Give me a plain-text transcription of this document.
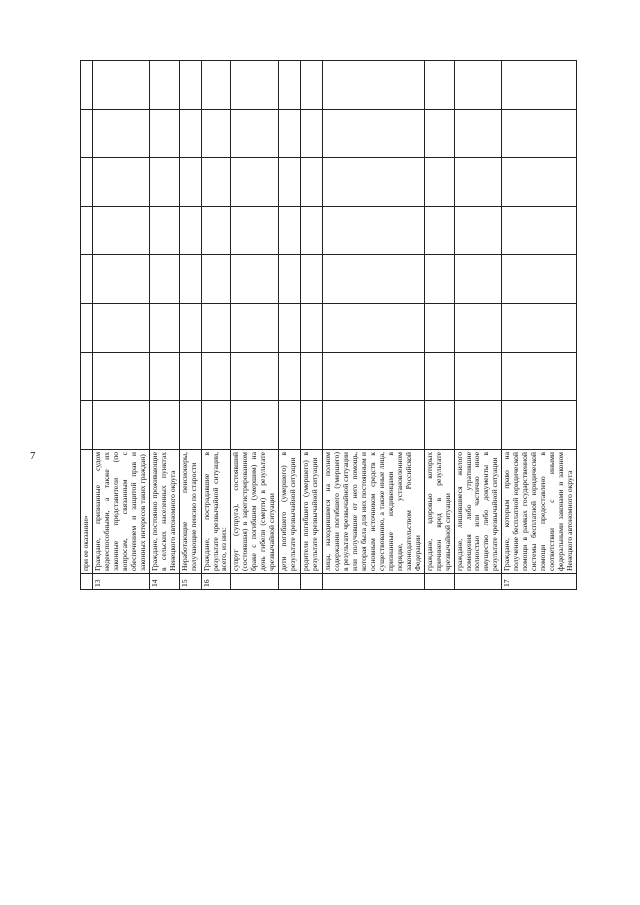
7
	при ее оказании»								
13	Граждане, признанные судом недееспособными, а также их законные представители (по вопросам, связанным с обеспечением и защитой прав и законных интересов таких граждан)								
14	Граждане, постоянно проживающие в сельских населенных пунктах Ненецкого автономного округа								
15	Неработающие пенсионеры, получающие пенсию по старости								
16	Граждане, пострадавшие в результате чрезвычайной ситуации, всего, из них:								
	супруг (супруга), состоявший (состоявшая) в зарегистрированном браке с погибшим (умершим) на день гибели (смерти) в результате чрезвычайной ситуации								
	дети погибшего (умершего) в результате чрезвычайной ситуации								
	родители погибшего (умершего) в результате чрезвычайной ситуации								
	лица, находившиеся на полном содержании погибшего (умершего) в результате чрезвычайной ситуации или получавшие от него помощь, которая была для них постоянным и основным источником средств к существованию, а также иные лица, признанные иждивенцами в порядке, установленном законодательством Российской Федерации								
	граждане, здоровью которых причинен вред в результате чрезвычайной ситуации								
	граждане, лишившиеся жилого помещения либо утратившие полностью или частично иное имущество либо документы в результате чрезвычайной ситуации								
17	Граждане, которым право на получение бесплатной юридической помощи в рамках государственной системы бесплатной юридической помощи предоставлено в соответствии с иными федеральными законами и законом Ненецкого автономного округа								
